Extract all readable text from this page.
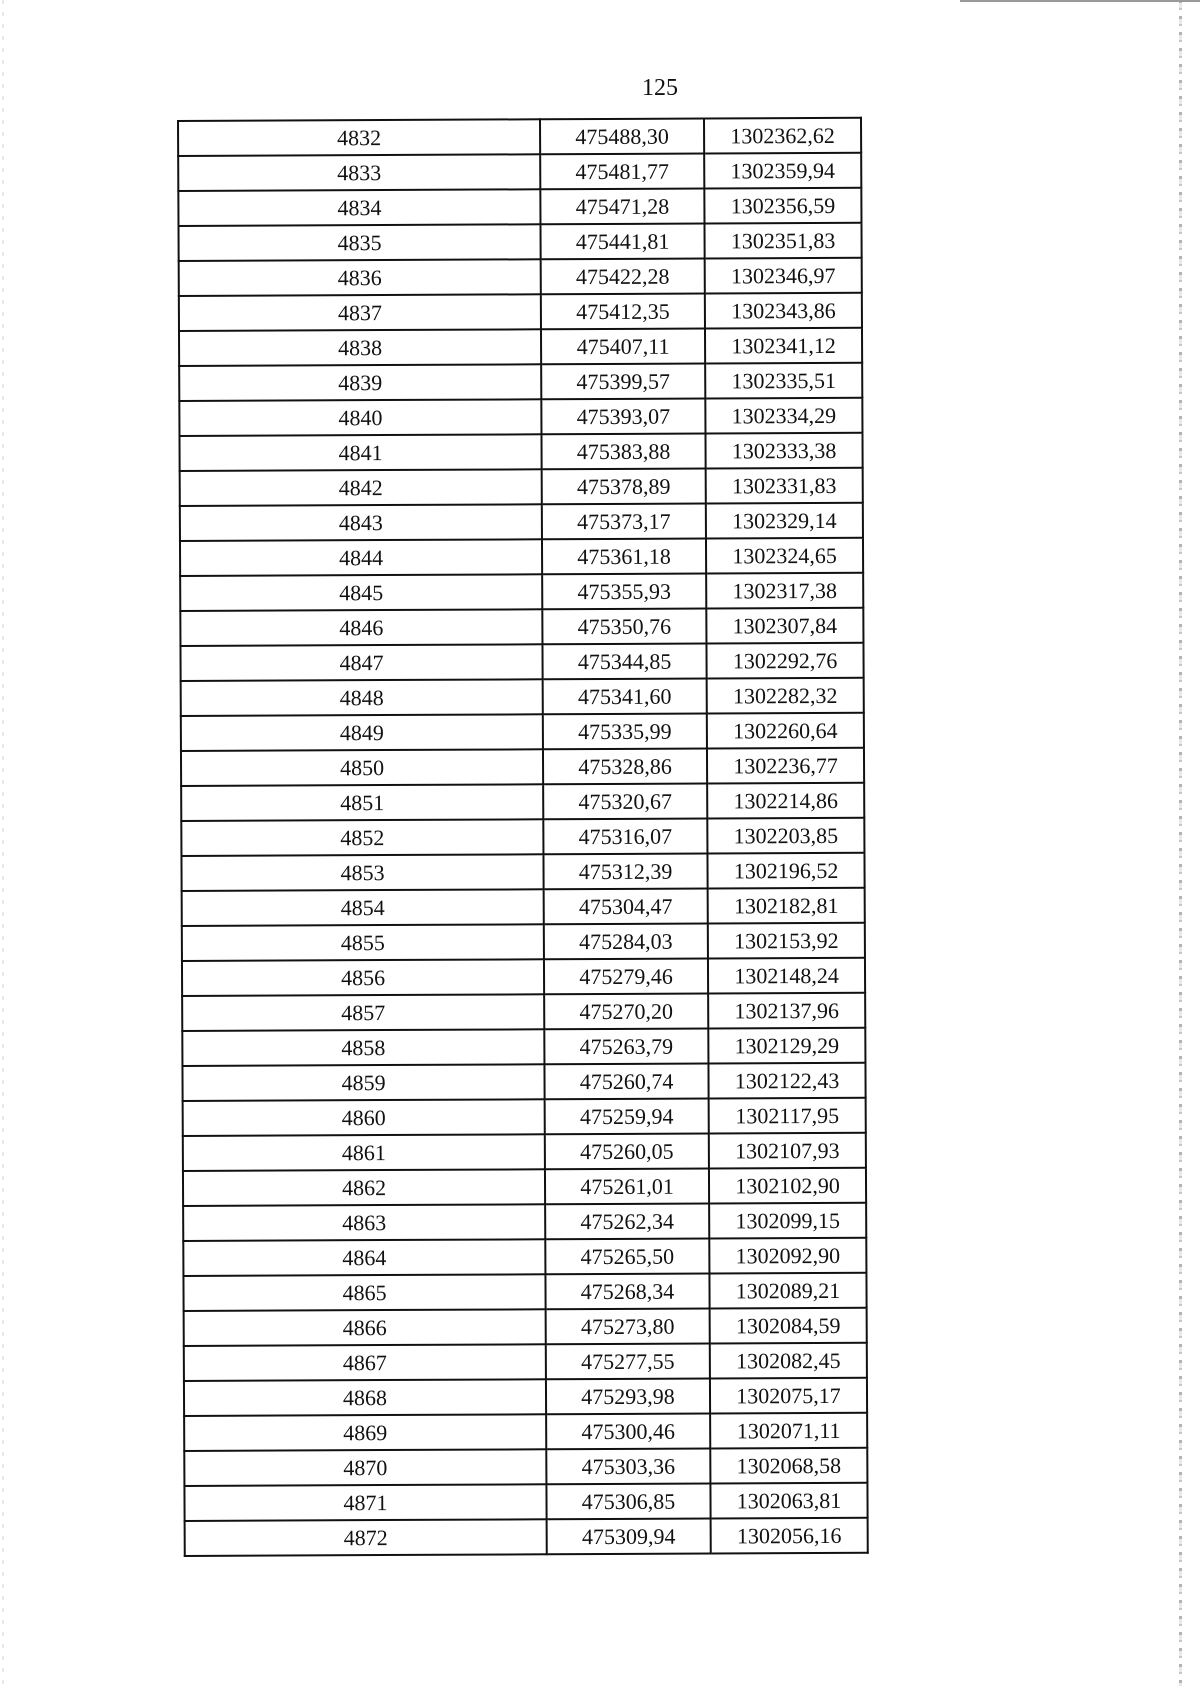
125
4832	475488,30	1302362,62
4833	475481,77	1302359,94
4834	475471,28	1302356,59
4835	475441,81	1302351,83
4836	475422,28	1302346,97
4837	475412,35	1302343,86
4838	475407,11	1302341,12
4839	475399,57	1302335,51
4840	475393,07	1302334,29
4841	475383,88	1302333,38
4842	475378,89	1302331,83
4843	475373,17	1302329,14
4844	475361,18	1302324,65
4845	475355,93	1302317,38
4846	475350,76	1302307,84
4847	475344,85	1302292,76
4848	475341,60	1302282,32
4849	475335,99	1302260,64
4850	475328,86	1302236,77
4851	475320,67	1302214,86
4852	475316,07	1302203,85
4853	475312,39	1302196,52
4854	475304,47	1302182,81
4855	475284,03	1302153,92
4856	475279,46	1302148,24
4857	475270,20	1302137,96
4858	475263,79	1302129,29
4859	475260,74	1302122,43
4860	475259,94	1302117,95
4861	475260,05	1302107,93
4862	475261,01	1302102,90
4863	475262,34	1302099,15
4864	475265,50	1302092,90
4865	475268,34	1302089,21
4866	475273,80	1302084,59
4867	475277,55	1302082,45
4868	475293,98	1302075,17
4869	475300,46	1302071,11
4870	475303,36	1302068,58
4871	475306,85	1302063,81
4872	475309,94	1302056,16
